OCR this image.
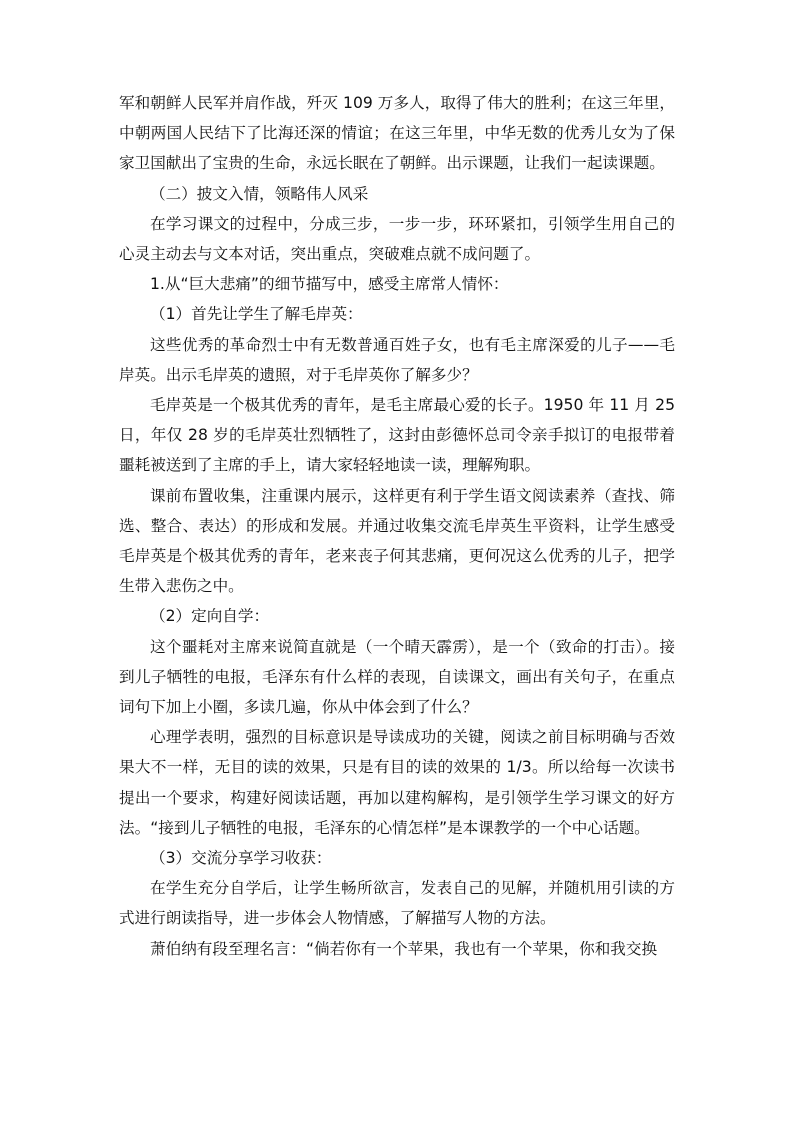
军和朝鲜人民军并肩作战，歼灭 109 万多人，取得了伟大的胜利；在这三年里，中朝两国人民结下了比海还深的情谊；在这三年里，中华无数的优秀儿女为了保家卫国献出了宝贵的生命，永远长眠在了朝鲜。出示课题，让我们一起读课题。

（二）披文入情，领略伟人风采

在学习课文的过程中，分成三步，一步一步，环环紧扣，引领学生用自己的心灵主动去与文本对话，突出重点，突破难点就不成问题了。

1.从“巨大悲痛”的细节描写中，感受主席常人情怀：

（1）首先让学生了解毛岸英：

这些优秀的革命烈士中有无数普通百姓子女，也有毛主席深爱的儿子——毛岸英。出示毛岸英的遗照，对于毛岸英你了解多少？

毛岸英是一个极其优秀的青年，是毛主席最心爱的长子。1950 年 11 月 25 日，年仅 28 岁的毛岸英壮烈牺牲了，这封由彭德怀总司令亲手拟订的电报带着噩耗被送到了主席的手上，请大家轻轻地读一读，理解殉职。

课前布置收集，注重课内展示，这样更有利于学生语文阅读素养（查找、筛选、整合、表达）的形成和发展。并通过收集交流毛岸英生平资料，让学生感受毛岸英是个极其优秀的青年，老来丧子何其悲痛，更何况这么优秀的儿子，把学生带入悲伤之中。

（2）定向自学：

这个噩耗对主席来说简直就是（一个晴天霹雳），是一个（致命的打击）。接到儿子牺牲的电报，毛泽东有什么样的表现，自读课文，画出有关句子，在重点词句下加上小圈，多读几遍，你从中体会到了什么？

心理学表明，强烈的目标意识是导读成功的关键，阅读之前目标明确与否效果大不一样，无目的读的效果，只是有目的读的效果的 1/3。所以给每一次读书提出一个要求，构建好阅读话题，再加以建构解构，是引领学生学习课文的好方法。“接到儿子牺牲的电报，毛泽东的心情怎样”是本课教学的一个中心话题。

（3）交流分享学习收获：

在学生充分自学后，让学生畅所欲言，发表自己的见解，并随机用引读的方式进行朗读指导，进一步体会人物情感，了解描写人物的方法。

萧伯纳有段至理名言：“倘若你有一个苹果，我也有一个苹果，你和我交换
